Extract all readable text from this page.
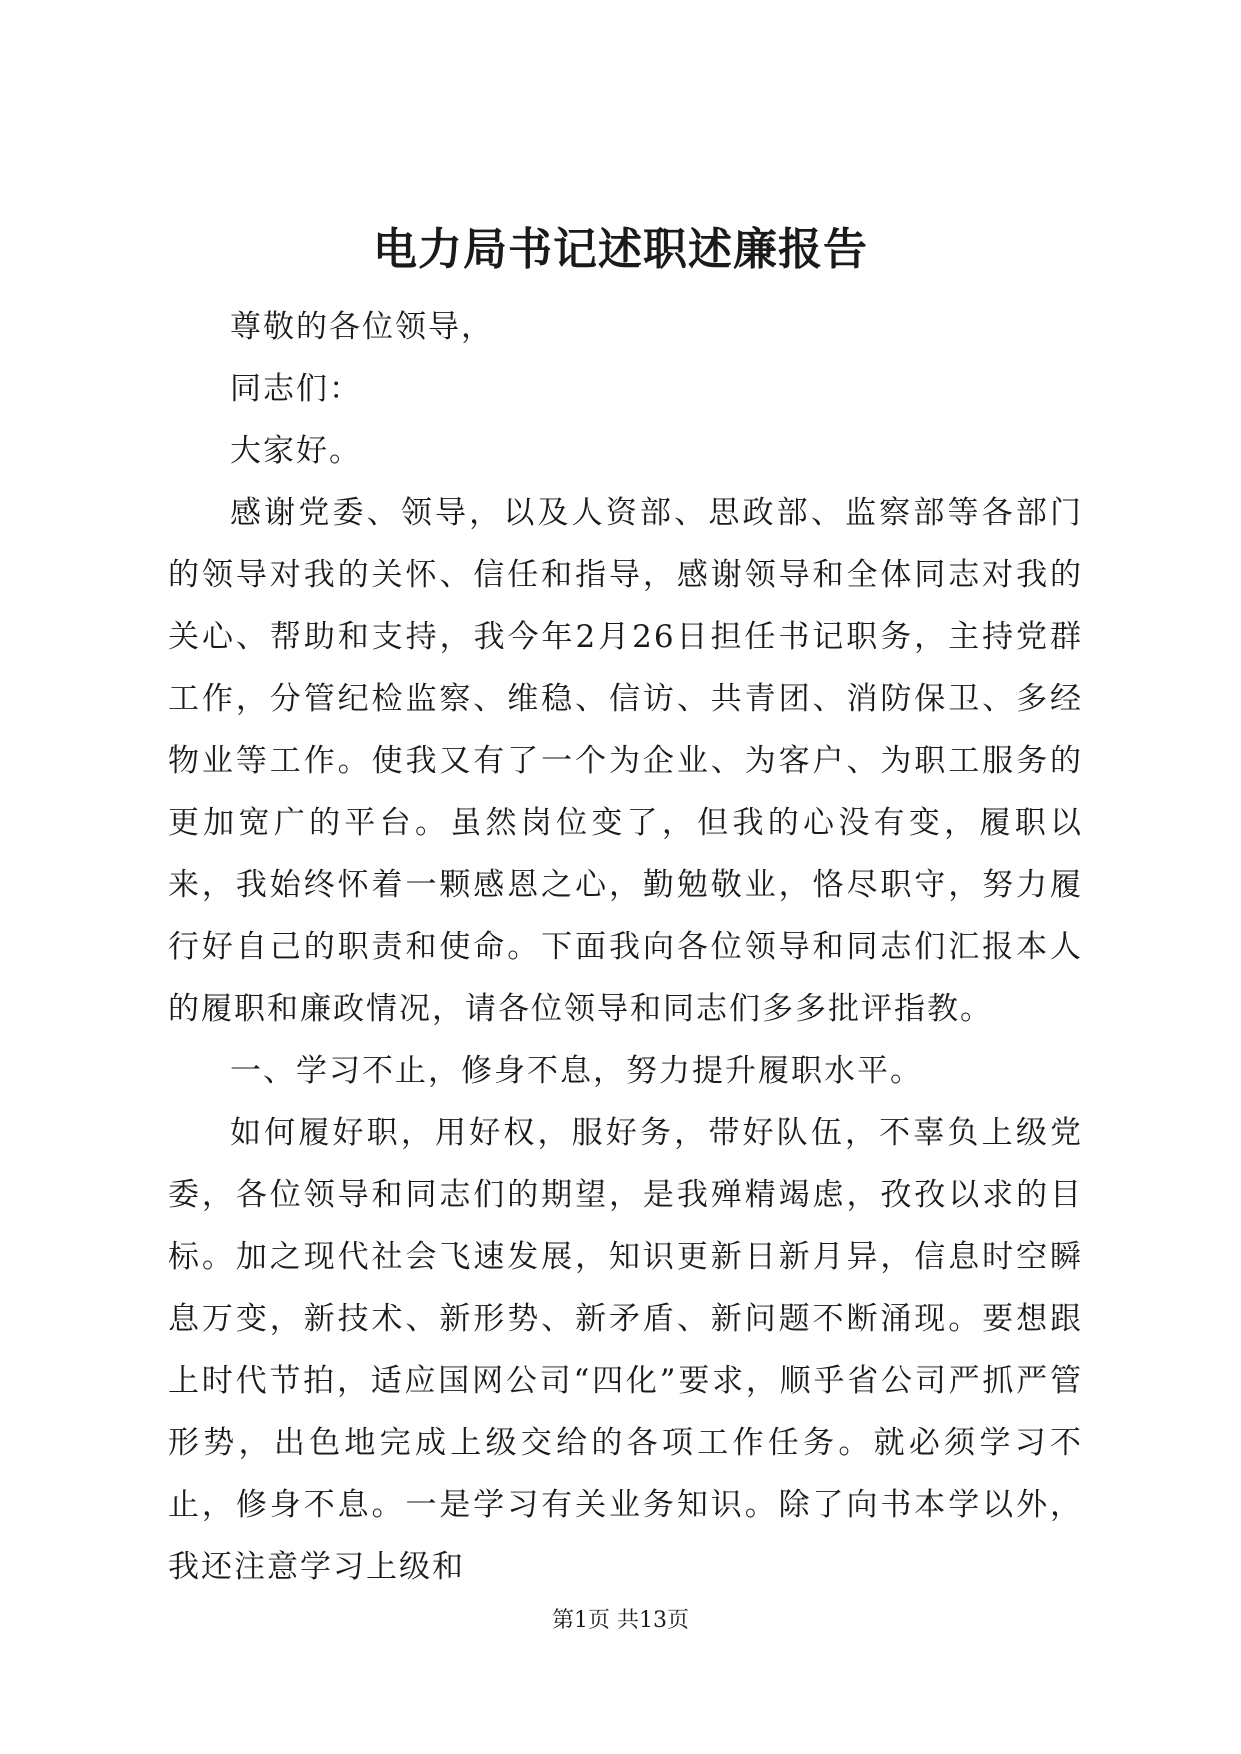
电力局书记述职述廉报告

尊敬的各位领导，

同志们：

大家好。

感谢党委、领导，以及人资部、思政部、监察部等各部门的领导对我的关怀、信任和指导，感谢领导和全体同志对我的关心、帮助和支持，我今年2月26日担任书记职务，主持党群工作，分管纪检监察、维稳、信访、共青团、消防保卫、多经物业等工作。使我又有了一个为企业、为客户、为职工服务的更加宽广的平台。虽然岗位变了，但我的心没有变，履职以来，我始终怀着一颗感恩之心，勤勉敬业，恪尽职守，努力履行好自己的职责和使命。下面我向各位领导和同志们汇报本人的履职和廉政情况，请各位领导和同志们多多批评指教。

一、学习不止，修身不息，努力提升履职水平。

如何履好职，用好权，服好务，带好队伍，不辜负上级党委，各位领导和同志们的期望，是我殚精竭虑，孜孜以求的目标。加之现代社会飞速发展，知识更新日新月异，信息时空瞬息万变，新技术、新形势、新矛盾、新问题不断涌现。要想跟上时代节拍，适应国网公司“四化”要求，顺乎省公司严抓严管形势，出色地完成上级交给的各项工作任务。就必须学习不止，修身不息。一是学习有关业务知识。除了向书本学以外，我还注意学习上级和

第1页 共13页
